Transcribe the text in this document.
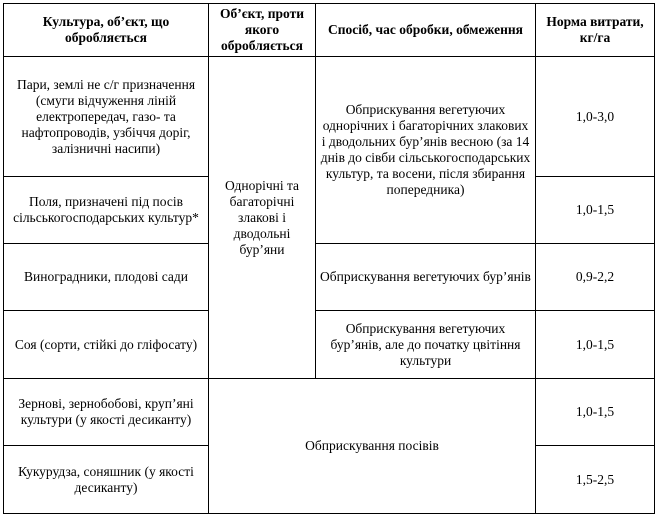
Культура, об’єкт, що обробляється	Об’єкт, проти якого обробляється	Спосіб, час обробки, обмеження	Норма витрати, кг/га
Пари, землі не с/г призначення (смуги відчуження ліній електропередач, газо- та нафтопроводів, узбіччя доріг, залізничні насипи)	Однорічні та багаторічні злакові і дводольні бур’яни	Обприскування вегетуючих однорічних і багаторічних злакових і дводольних бур’янів весною (за 14 днів до сівби сільськогосподарських культур, та восени, після збирання попередника)	1,0-3,0
Поля, призначені під посів сільськогосподарських культур*			1,0-1,5
Виноградники, плодові сади		Обприскування вегетуючих бур’янів	0,9-2,2
Соя (сорти, стійкі до гліфосату)		Обприскування вегетуючих бур’янів, але до початку цвітіння культури	1,0-1,5
Зернові, зернобобові, круп’яні культури (у якості десиканту)	Обприскування посівів		1,0-1,5
Кукурудза, соняшник (у якості десиканту)			1,5-2,5
